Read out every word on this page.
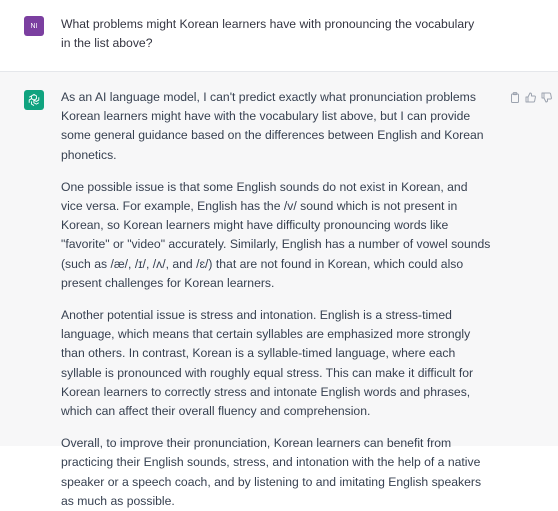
NI	What problems might Korean learners have with pronouncing the vocabulary in the list above?

As an AI language model, I can't predict exactly what pronunciation problems Korean learners might have with the vocabulary list above, but I can provide some general guidance based on the differences between English and Korean phonetics.

One possible issue is that some English sounds do not exist in Korean, and vice versa. For example, English has the /v/ sound which is not present in Korean, so Korean learners might have difficulty pronouncing words like "favorite" or "video" accurately. Similarly, English has a number of vowel sounds (such as /æ/, /ɪ/, /ʌ/, and /ɛ/) that are not found in Korean, which could also present challenges for Korean learners.

Another potential issue is stress and intonation. English is a stress-timed language, which means that certain syllables are emphasized more strongly than others. In contrast, Korean is a syllable-timed language, where each syllable is pronounced with roughly equal stress. This can make it difficult for Korean learners to correctly stress and intonate English words and phrases, which can affect their overall fluency and comprehension.

Overall, to improve their pronunciation, Korean learners can benefit from practicing their English sounds, stress, and intonation with the help of a native speaker or a speech coach, and by listening to and imitating English speakers as much as possible.
